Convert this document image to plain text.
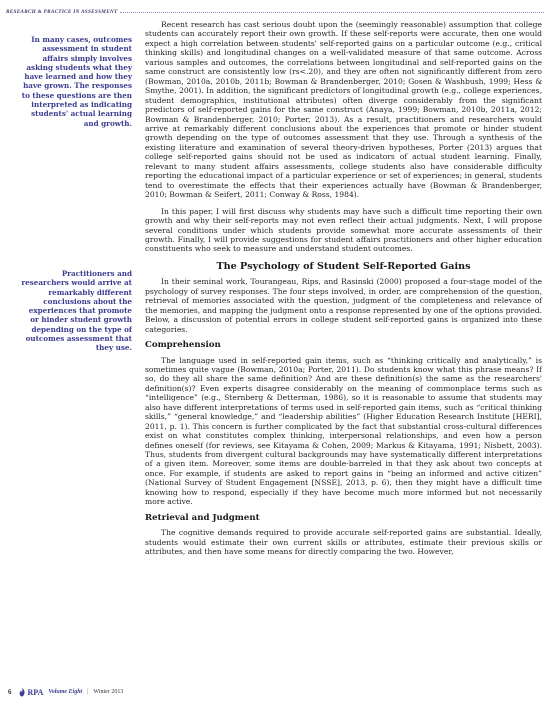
RESEARCH & PRACTICE IN ASSESSMENT
In many cases, outcomes assessment in student affairs simply involves asking students what they have learned and how they have grown. The responses to these questions are then interpreted as indicating students' actual learning and growth.
Practitioners and researchers would arrive at remarkably different conclusions about the experiences that promote or hinder student growth depending on the type of outcomes assessment that they use.

Recent research has cast serious doubt upon the (seemingly reasonable) assumption that college students can accurately report their own growth. If these self-reports were accurate, then one would expect a high correlation between students' self-reported gains on a particular outcome (e.g., critical thinking skills) and longitudinal changes on a well-validated measure of that same outcome. Across various samples and outcomes, the correlations between longitudinal and self-reported gains on the same construct are consistently low (rs<.20), and they are often not significantly different from zero (Bowman, 2010a, 2010b, 2011b; Bowman & Brandenberger, 2010; Gosen & Washbush, 1999; Hess & Smythe, 2001). In addition, the significant predictors of longitudinal growth (e.g., college experiences, student demographics, institutional attributes) often diverge considerably from the significant predictors of self-reported gains for the same construct (Anaya, 1999; Bowman, 2010b, 2011a, 2012; Bowman & Brandenberger, 2010; Porter, 2013). As a result, practitioners and researchers would arrive at remarkably different conclusions about the experiences that promote or hinder student growth depending on the type of outcomes assessment that they use. Through a synthesis of the existing literature and examination of several theory-driven hypotheses, Porter (2013) argues that college self-reported gains should not be used as indicators of actual student learning. Finally, relevant to many student affairs assessments, college students also have considerable difficulty reporting the educational impact of a particular experience or set of experiences; in general, students tend to overestimate the effects that their experiences actually have (Bowman & Brandenberger, 2010; Bowman & Seifert, 2011; Conway & Ross, 1984).

In this paper, I will first discuss why students may have such a difficult time reporting their own growth and why their self-reports may not even reflect their actual judgments. Next, I will propose several conditions under which students provide somewhat more accurate assessments of their growth. Finally, I will provide suggestions for student affairs practitioners and other higher education constituents who seek to measure and understand student outcomes.

The Psychology of Student Self-Reported Gains

In their seminal work, Tourangeau, Rips, and Rasinski (2000) proposed a four-stage model of the psychology of survey responses. The four steps involved, in order, are comprehension of the question, retrieval of memories associated with the question, judgment of the completeness and relevance of the memories, and mapping the judgment onto a response represented by one of the options provided. Below, a discussion of potential errors in college student self-reported gains is organized into these categories.

Comprehension

The language used in self-reported gain items, such as “thinking critically and analytically,” is sometimes quite vague (Bowman, 2010a; Porter, 2011). Do students know what this phrase means? If so, do they all share the same definition? And are these definition(s) the same as the researchers' definition(s)? Even experts disagree considerably on the meaning of commonplace terms such as “intelligence” (e.g., Sternberg & Detterman, 1986), so it is reasonable to assume that students may also have different interpretations of terms used in self-reported gain items, such as “critical thinking skills,” “general knowledge,” and “leadership abilities” (Higher Education Research Institute [HERI], 2011, p. 1). This concern is further complicated by the fact that substantial cross-cultural differences exist on what constitutes complex thinking, interpersonal relationships, and even how a person defines oneself (for reviews, see Kitayama & Cohen, 2009; Markus & Kitayama, 1991; Nisbett, 2003). Thus, students from divergent cultural backgrounds may have systematically different interpretations of a given item. Moreover, some items are double-barreled in that they ask about two concepts at once. For example, if students are asked to report gains in “being an informed and active citizen” (National Survey of Student Engagement [NSSE], 2013, p. 6), then they might have a difficult time knowing how to respond, especially if they have become much more informed but not necessarily more active.

Retrieval and Judgment

The cognitive demands required to provide accurate self-reported gains are substantial. Ideally, students would estimate their own current skills or attributes, estimate their previous skills or attributes, and then have some means for directly comparing the two. However,

6 RPA Volume Eight | Winter 2013
